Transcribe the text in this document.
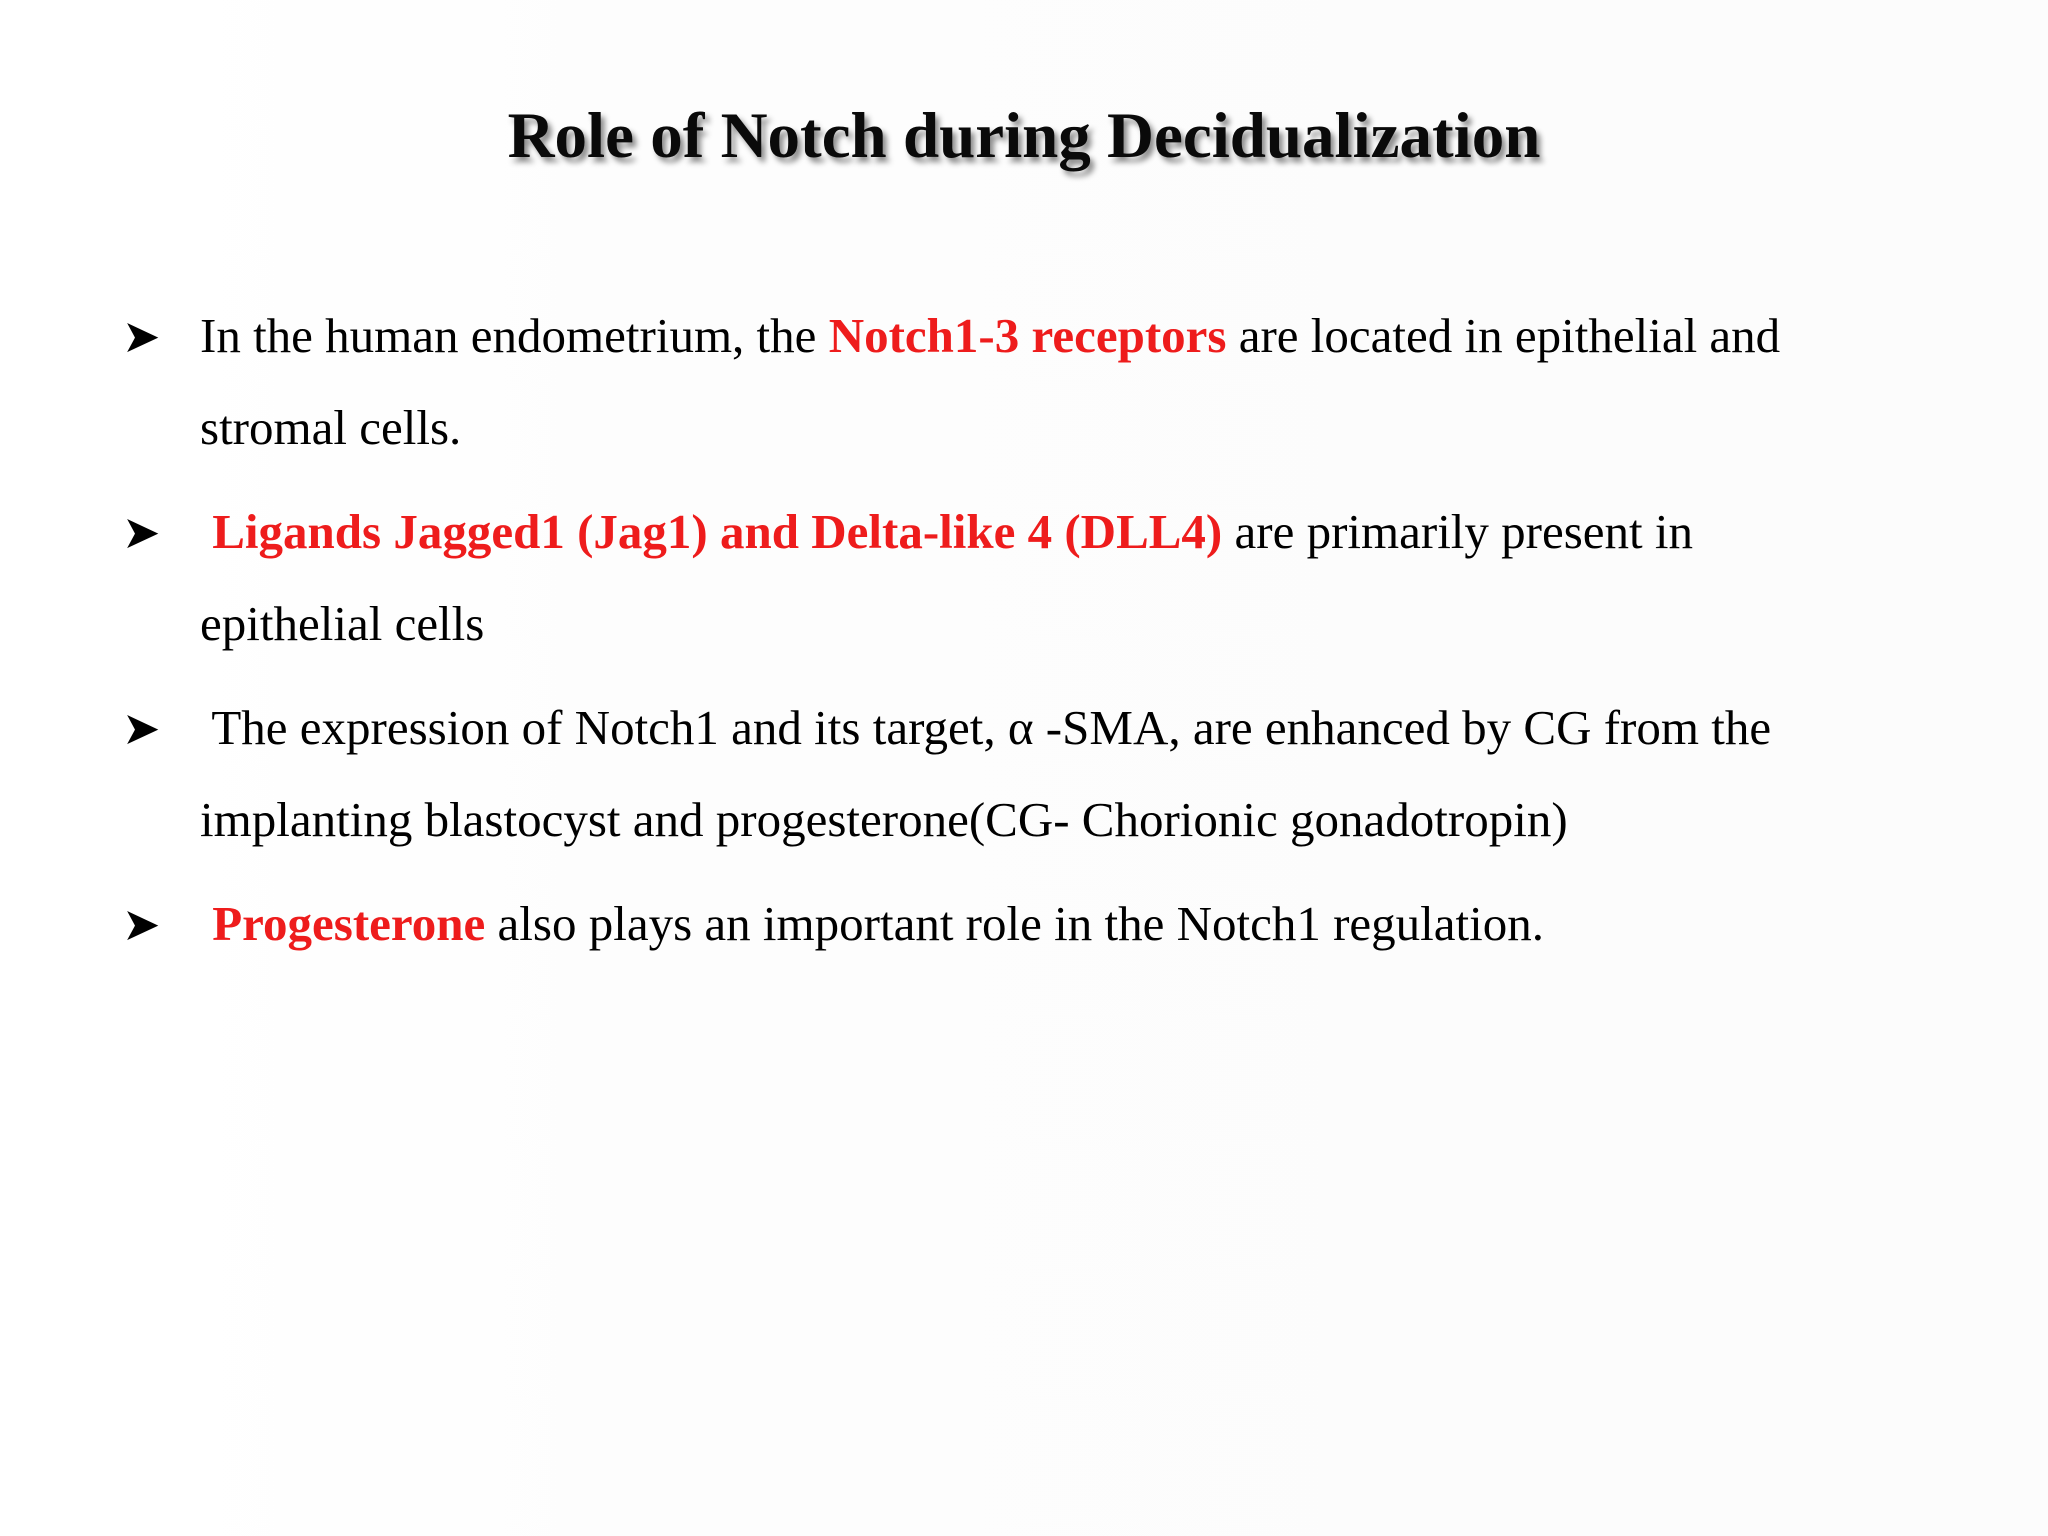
Role of Notch during Decidualization
➤ In the human endometrium, the Notch1-3 receptors are located in epithelial and
stromal cells.
➤ Ligands Jagged1 (Jag1) and Delta-like 4 (DLL4) are primarily present in
epithelial cells
➤ The expression of Notch1 and its target, α -SMA, are enhanced by CG from the
implanting blastocyst and progesterone(CG- Chorionic gonadotropin)
➤ Progesterone also plays an important role in the Notch1 regulation.
